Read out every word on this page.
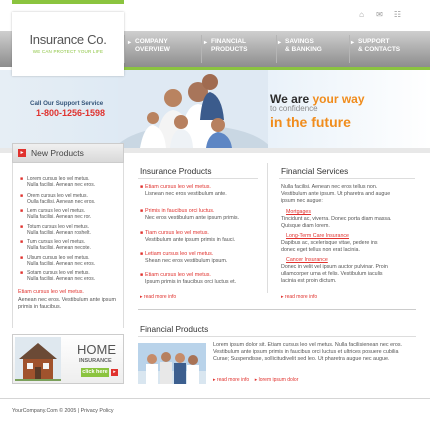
⌂ ✉ ☷
▸ COMPANY
OVERVIEW
▸ FINANCIAL
PRODUCTS
▸ SAVINGS
& BANKING
▸ SUPPORT
& CONTACTS
Call Our Support Service
1-800-1256-1598
We are your way
to confidence
in the future
Insurance Co.
WE CAN PROTECT YOUR LIFE
▸ New Products
■ Lorem cursus leo vel metus.
Nulla facilisi. Aenean nec eros.
■ Orem cursus leo vel metus.
Oulla facilisi. Aenean nec eros.
■ Lem cursus leo vel metus.
Nulla facilisi. Aenean nec ror.
■ Totum cursus leo vel metus.
Nulla facilisi. Aenean roshelt.
■ Tum cursus leo vel metus.
Nulla facilisi. Aenean necote.
■ Ulsum cursus leo vel metus.
Nulla facilisi. Aenean nec eros.
■ Sotam cursus leo vel metus.
Nulla facilisi. Aenean nec eros.
Etiam cursus leo vel metus.
Aenean nec eros. Vestibulum ante ipsum primis in faucibus.
HOME
INSURANCE
click here	▸
Insurance Products
■ Etiam cursus leo vel metus.
Lisnean nec eros vestibulum ante.
■ Primis in faucibus orci luctus.
Nec eros vestibulum ante ipsum primis.
■ Tiam cursus leo vel metus.
Vestibulum ante ipsum primis in fauci.
■ Letiam cursus leo vel metus.
Shean nec eros vestibulum ipsum.
■ Etiam cursus leo vel metus.
Ipsum primis in faucibus orci luctus et.
▸ read more info
Financial Services
Nulla facilisi. Aenean nec eros tellus non. Vestibulum ante ipsum. Ut pharetra and augue ipsum nec augue:
Mortgages
Tincidunt ac, viverra. Donec porta diam massa. Quisque diam lorem.
Long-Term Care Insurance
Dapibus ac, scelerisque vitae, pedere ins donec eget tellus non erat lacinia.
Cancer Insurance
Donec in velit vel ipsum auctor pulvinar. Proin ullamcorper urna et felis. Vestibulum iaculis lacinia est proin dictum.
▸ read more info
Financial Products
Lorem ipsum dolor sit. Etiam cursus leo vel metus. Nulla facilisienean nec eros. Vestibulum ante ipsum primis in faucibus orci luctus et ultrices posuere cubilia Curae; Suspendisse, sollicitudivelit sed leo. Ut pharetra augue nec augue.
▸ read more info ▸ lorem ipsum dolor
YourCompany.Com © 2005 | Privacy Policy
